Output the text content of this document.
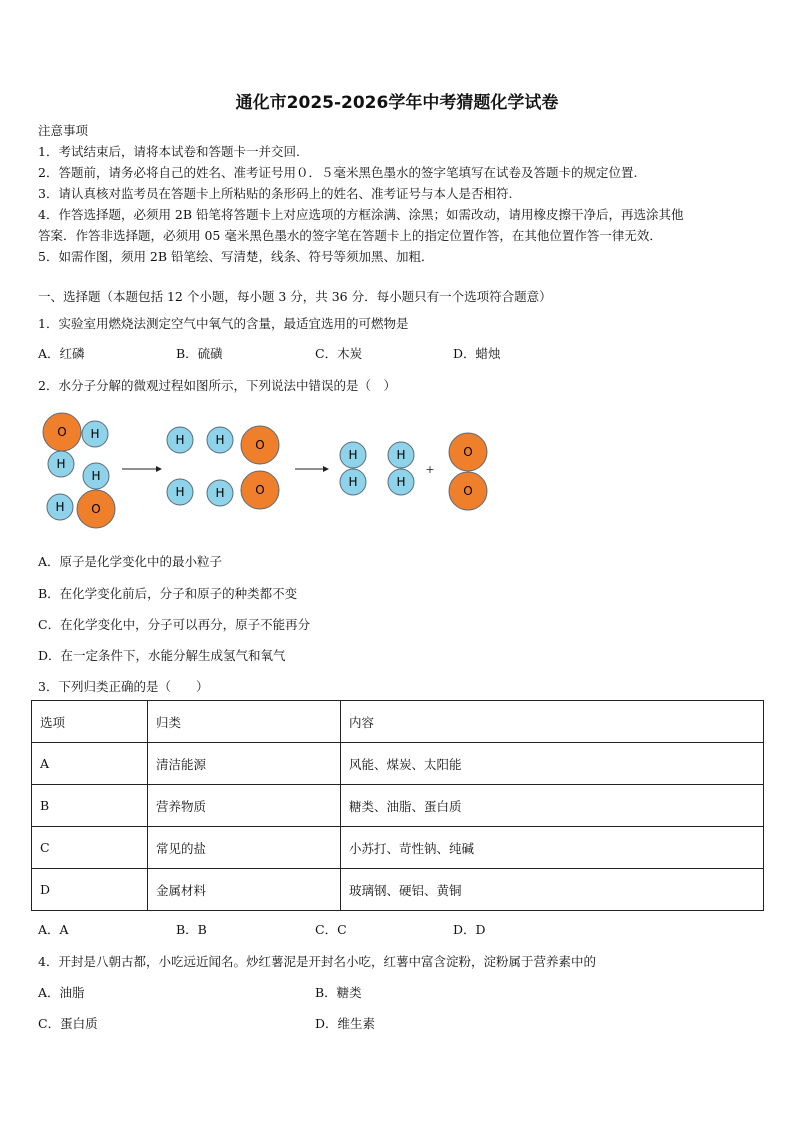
通化市2025-2026学年中考猜题化学试卷
注意事项
1．考试结束后，请将本试卷和答题卡一并交回.
2．答题前，请务必将自己的姓名、准考证号用０．５毫米黑色墨水的签字笔填写在试卷及答题卡的规定位置.
3．请认真核对监考员在答题卡上所粘贴的条形码上的姓名、准考证号与本人是否相符.
4．作答选择题，必须用 2B 铅笔将答题卡上对应选项的方框涂满、涂黑；如需改动，请用橡皮擦干净后，再选涂其他
答案．作答非选择题，必须用 05 毫米黑色墨水的签字笔在答题卡上的指定位置作答，在其他位置作答一律无效．
5．如需作图，须用 2B 铅笔绘、写清楚，线条、符号等须加黑、加粗．
一、选择题（本题包括 12 个小题，每小题 3 分，共 36 分．每小题只有一个选项符合题意）
1．实验室用燃烧法测定空气中氧气的含量，最适宜选用的可燃物是
A．红磷	B．硫磺	C．木炭	D．蜡烛
2．水分子分解的微观过程如图所示，下列说法中错误的是（　）
O H
H
H
H O
H	H	O
H	H	O
H
H
H
H
+
O
O
A．原子是化学变化中的最小粒子
B．在化学变化前后，分子和原子的种类都不变
C．在化学变化中，分子可以再分，原子不能再分
D．在一定条件下，水能分解生成氢气和氧气
3．下列归类正确的是（　　）
选项	归类	内容
A	清洁能源	风能、煤炭、太阳能
B	营养物质	糖类、油脂、蛋白质
C	常见的盐	小苏打、苛性钠、纯碱
D	金属材料	玻璃钢、硬铝、黄铜
A．A	B．B	C．C	D．D
4．开封是八朝古都，小吃远近闻名。炒红薯泥是开封名小吃，红薯中富含淀粉，淀粉属于营养素中的
A．油脂	B．糖类
C．蛋白质	D．维生素
